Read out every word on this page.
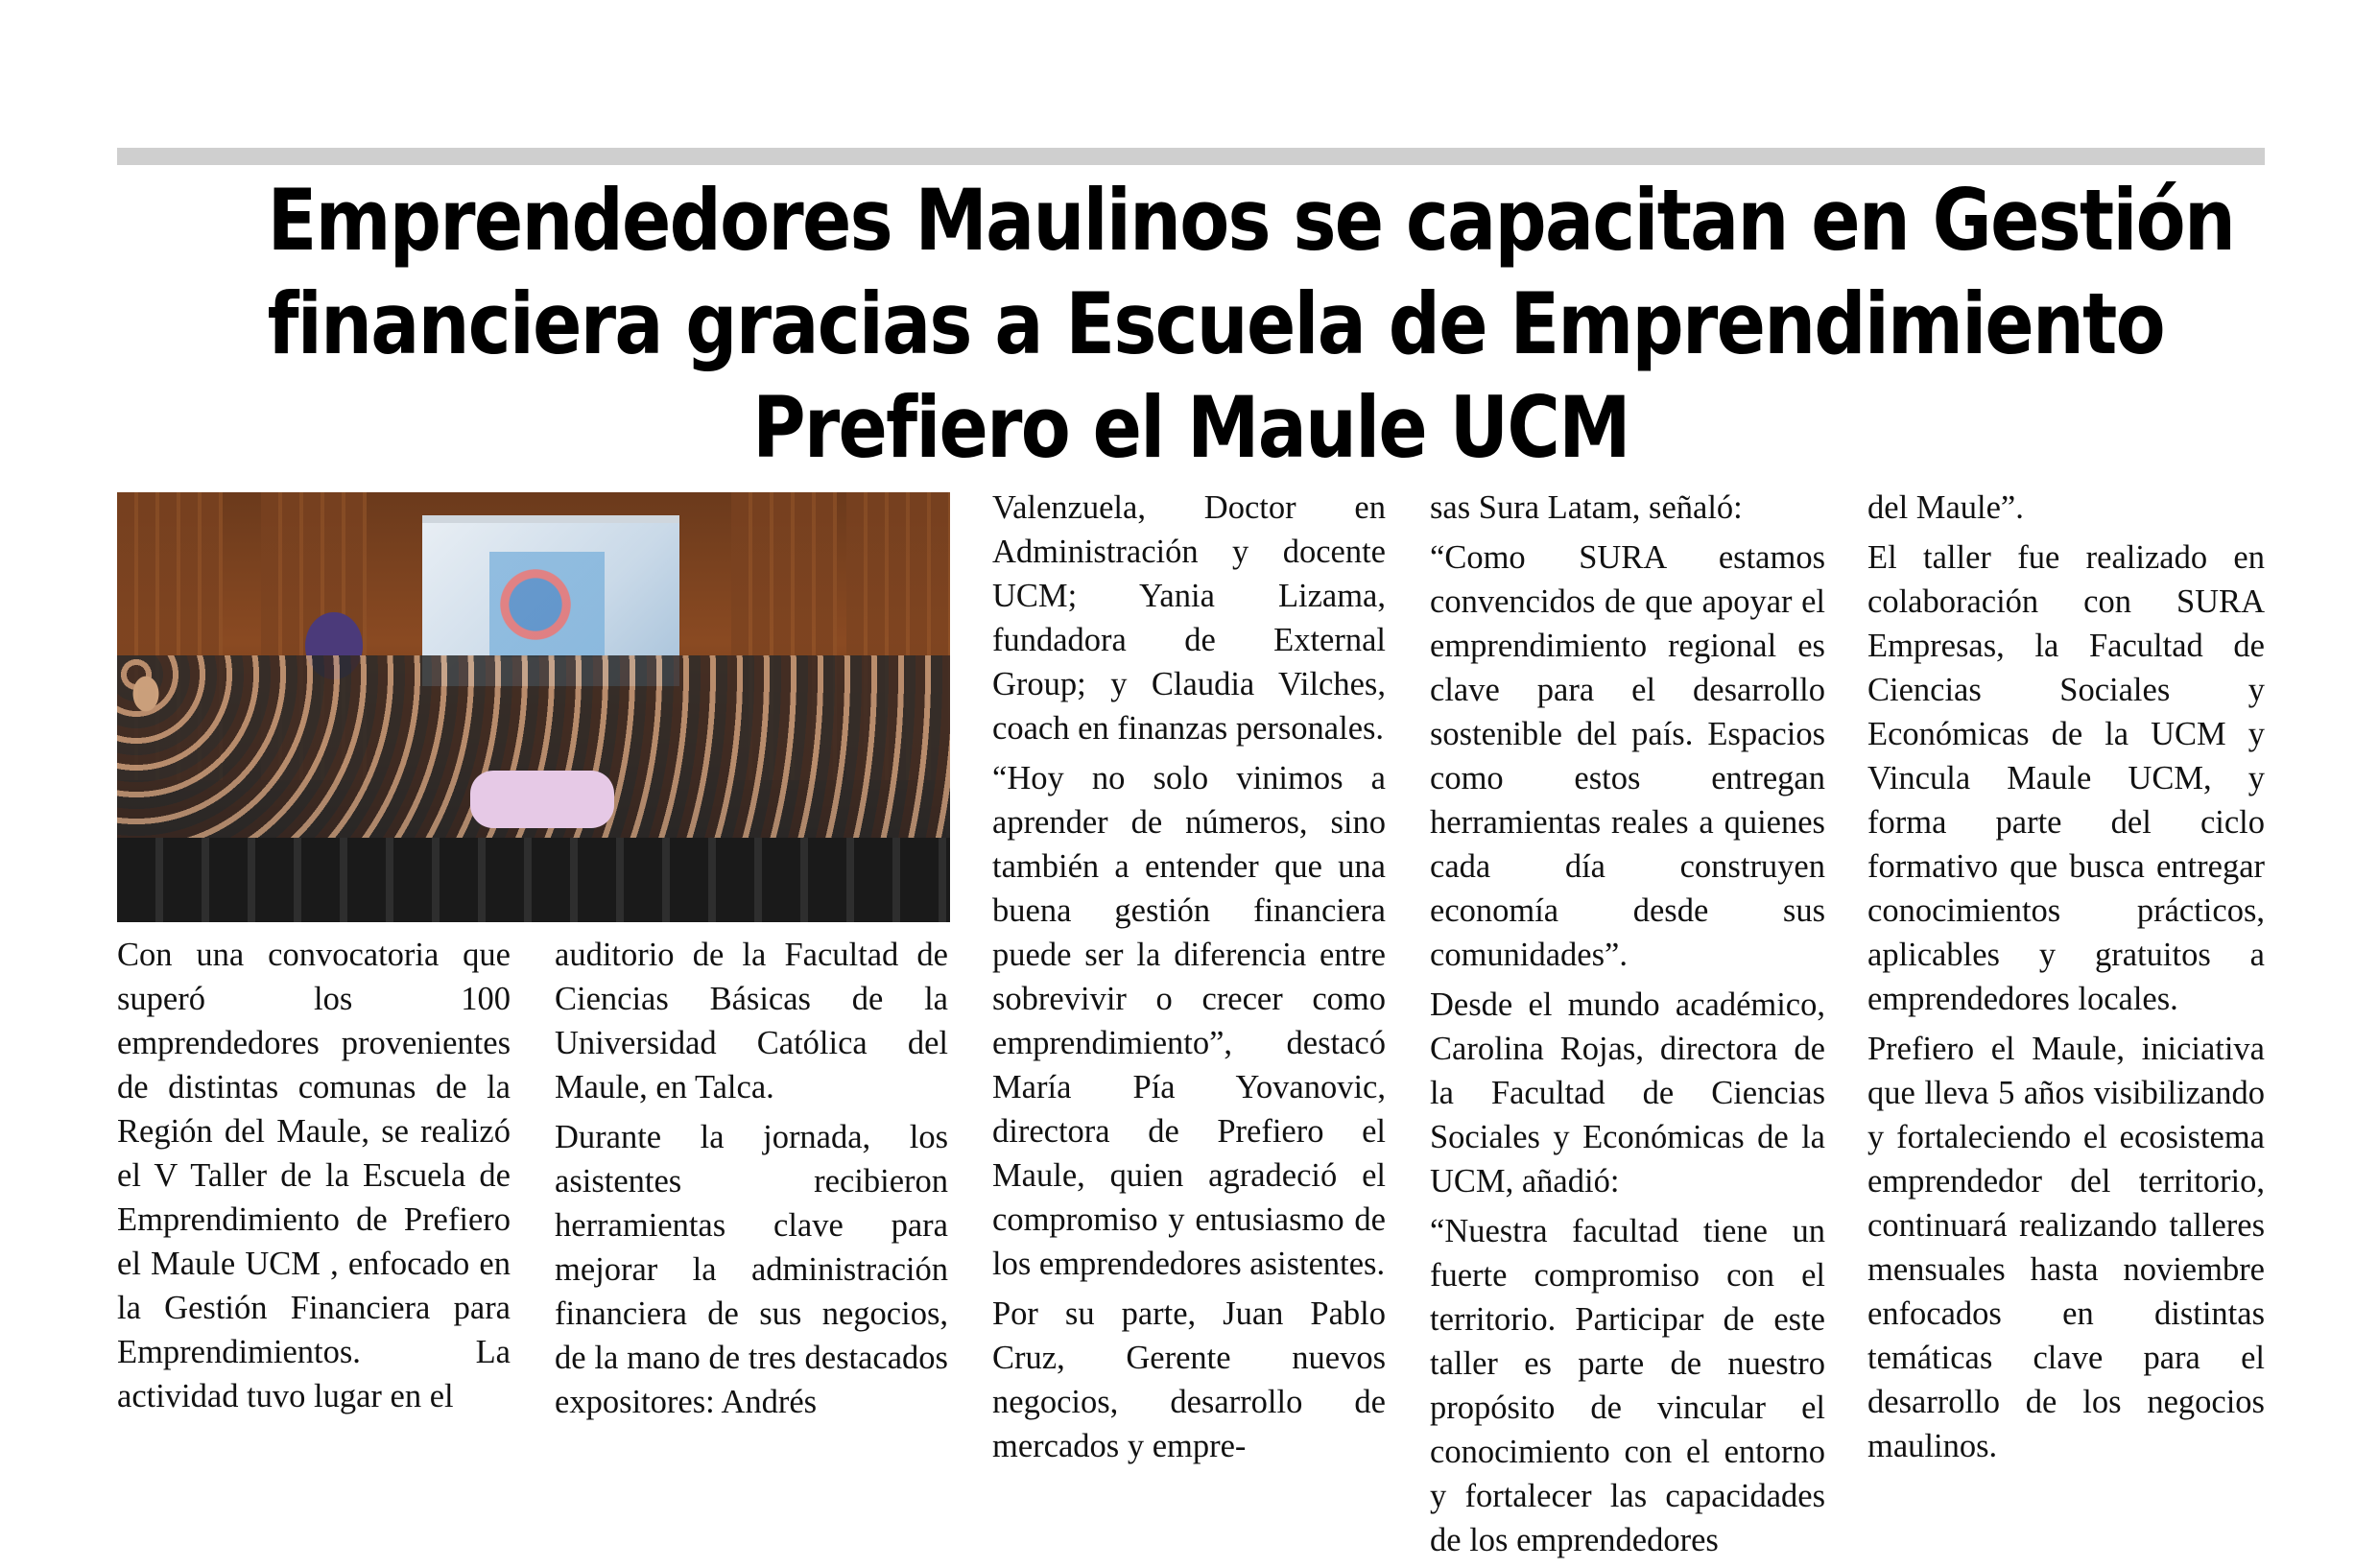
Emprendedores Maulinos se capacitan en Gestión
financiera gracias a Escuela de Emprendimiento
Prefiero el Maule UCM

Con una convocatoria que superó los 100 emprendedores provenientes de distintas comunas de la Región del Maule, se realizó el V Taller de la Escuela de Emprendimiento de Prefiero el Maule UCM , enfocado en la Gestión Financiera para Emprendimientos. La actividad tuvo lugar en el

auditorio de la Facultad de Ciencias Básicas de la Universidad Católica del Maule, en Talca.

Durante la jornada, los asistentes recibieron herramientas clave para mejorar la administración financiera de sus negocios, de la mano de tres destacados expositores: Andrés

Valenzuela, Doctor en Administración y docente UCM; Yania Lizama, fundadora de External Group; y Claudia Vilches, coach en finanzas personales.

“Hoy no solo vinimos a aprender de números, sino también a entender que una buena gestión financiera puede ser la diferencia entre sobrevivir o crecer como emprendimiento”, destacó María Pía Yovanovic, directora de Prefiero el Maule, quien agradeció el compromiso y entusiasmo de los emprendedores asistentes.

Por su parte, Juan Pablo Cruz, Gerente nuevos negocios, desarrollo de mercados y empre-

sas Sura Latam, señaló:

“Como SURA estamos convencidos de que apoyar el emprendimiento regional es clave para el desarrollo sostenible del país. Espacios como estos entregan herramientas reales a quienes cada día construyen economía desde sus comunidades”.

Desde el mundo académico, Carolina Rojas, directora de la Facultad de Ciencias Sociales y Económicas de la UCM, añadió:

“Nuestra facultad tiene un fuerte compromiso con el territorio. Participar de este taller es parte de nuestro propósito de vincular el conocimiento con el entorno y fortalecer las capacidades de los emprendedores

del Maule”.

El taller fue realizado en colaboración con SURA Empresas, la Facultad de Ciencias Sociales y Económicas de la UCM y Vincula Maule UCM, y forma parte del ciclo formativo que busca entregar conocimientos prácticos, aplicables y gratuitos a emprendedores locales.

Prefiero el Maule, iniciativa que lleva 5 años visibilizando y fortaleciendo el ecosistema emprendedor del territorio, continuará realizando talleres mensuales hasta noviembre enfocados en distintas temáticas clave para el desarrollo de los negocios maulinos.
